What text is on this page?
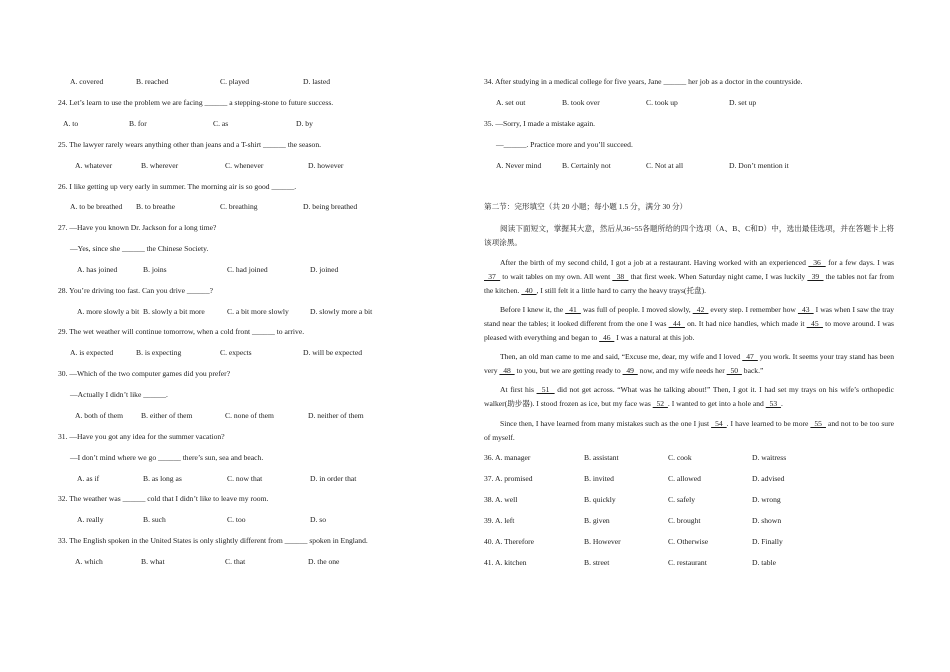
A. covered	B. reached	C. played	D. lasted
24. Let’s learn to use the problem we are facing ______ a stepping-stone to future success.
A. to	B. for	C. as	D. by
25. The lawyer rarely wears anything other than jeans and a T-shirt ______ the season.
A. whatever	B. wherever	C. whenever	D. however
26. I like getting up very early in summer. The morning air is so good ______.
A. to be breathed B. to breathe	C. breathing	D. being breathed
27. —Have you known Dr. Jackson for a long time?
—Yes, since she ______ the Chinese Society.
A. has joined	B. joins	C. had joined	D. joined
28. You’re driving too fast. Can you drive ______?
A. more slowly a bit B. slowly a bit more	C. a bit more slowly	D. slowly more a bit
29. The wet weather will continue tomorrow, when a cold front ______ to arrive.
A. is expected	B. is expecting	C. expects	D. will be expected
30. —Which of the two computer games did you prefer?
—Actually I didn’t like ______.
A. both of them B. either of them	C. none of them	D. neither of them
31. —Have you got any idea for the summer vacation?
—I don’t mind where we go ______ there’s sun, sea and beach.
A. as if	B. as long as	C. now that	D. in order that
32. The weather was ______ cold that I didn’t like to leave my room.
A. really	B. such	C. too	D. so
33. The English spoken in the United States is only slightly different from ______ spoken in England.
A. which	B. what	C. that	D. the one
第二节：完形填空（共 20 小题；每小题 1.5 分，满分 30 分）
阅读下面短文，掌握其大意，然后从36~55各题所给的四个选项（A、B、C和D）中，选出最佳选项，并在答题卡上将该项涂黑。
After the birth of my second child, I got a job at a restaurant. Having worked with an experienced   36   for a few days. I was   37   to wait tables on my own. All went   38   that first week. When Saturday night came, I was luckily   39   the tables not far from the kitchen.   40  , I still felt it a little hard to carry the heavy trays(托盘).
Before I knew it, the   41   was full of people. I moved slowly,   42   every step. I remember how   43   I was when I saw the tray stand near the tables; it looked different from the one I was   44   on. It had nice handles, which made it   45   to move around. I was pleased with everything and began to   46   I was a natural at this job.
Then, an old man came to me and said, “Excuse me, dear, my wife and I loved   47   you work. It seems your tray stand has been very   48   to you, but we are getting ready to   49   now, and my wife needs her   50   back.”
At first his   51   did not get across. “What was he talking about!” Then, I got it. I had set my trays on his wife’s orthopedic walker(助步器). I stood frozen as ice, but my face was   52  . I wanted to get into a hole and   53  .
Since then, I have learned from many mistakes such as the one I just   54  . I have learned to be more   55   and not to be too sure of myself.
36. A. manager	B. assistant	C. cook	D. waitress
37. A. promised	B. invited	C. allowed	D. advised
38. A. well	B. quickly	C. safely	D. wrong
39. A. left	B. given	C. brought	D. shown
40. A. Therefore	B. However	C. Otherwise	D. Finally
41. A. kitchen	B. street	C. restaurant	D. table
34. After studying in a medical college for five years, Jane ______ her job as a doctor in the countryside.
A. set out	B. took over	C. took up	D. set up
35. —Sorry, I made a mistake again.
—______. Practice more and you’ll succeed.
A. Never mind	B. Certainly not	C. Not at all	D. Don’t mention it
